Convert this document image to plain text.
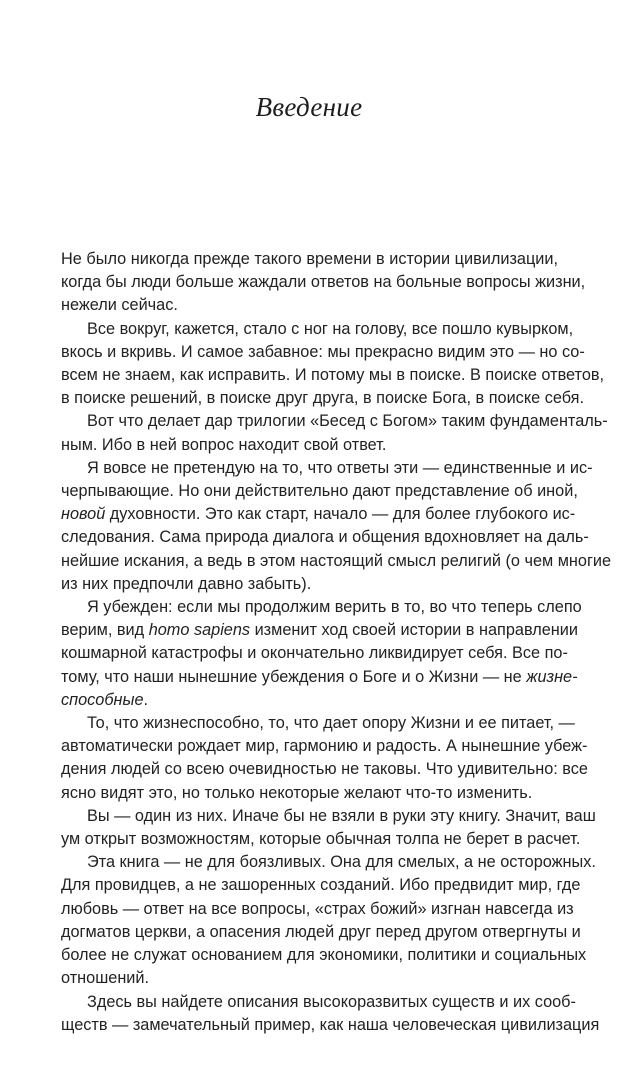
Введение

Не было никогда прежде такого времени в истории цивилизации,
когда бы люди больше жаждали ответов на больные вопросы жизни,
нежели сейчас.

Все вокруг, кажется, стало с ног на голову, все пошло кувырком,
вкось и вкривь. И самое забавное: мы прекрасно видим это — но со-
всем не знаем, как исправить. И потому мы в поиске. В поиске ответов,
в поиске решений, в поиске друг друга, в поиске Бога, в поиске себя.

Вот что делает дар трилогии «Бесед с Богом» таким фундаменталь-
ным. Ибо в ней вопрос находит свой ответ.

Я вовсе не претендую на то, что ответы эти — единственные и ис-
черпывающие. Но они действительно дают представление об иной,
новой духовности. Это как старт, начало — для более глубокого ис-
следования. Сама природа диалога и общения вдохновляет на даль-
нейшие искания, а ведь в этом настоящий смысл религий (о чем многие
из них предпочли давно забыть).

Я убежден: если мы продолжим верить в то, во что теперь слепо
верим, вид homo sapiens изменит ход своей истории в направлении
кошмарной катастрофы и окончательно ликвидирует себя. Все по-
тому, что наши нынешние убеждения о Боге и о Жизни — не жизне-
способные.

То, что жизнеспособно, то, что дает опору Жизни и ее питает, —
автоматически рождает мир, гармонию и радость. А нынешние убеж-
дения людей со всею очевидностью не таковы. Что удивительно: все
ясно видят это, но только некоторые желают что-то изменить.

Вы — один из них. Иначе бы не взяли в руки эту книгу. Значит, ваш
ум открыт возможностям, которые обычная толпа не берет в расчет.

Эта книга — не для боязливых. Она для смелых, а не осторожных.
Для провидцев, а не зашоренных созданий. Ибо предвидит мир, где
любовь — ответ на все вопросы, «страх божий» изгнан навсегда из
догматов церкви, а опасения людей друг перед другом отвергнуты и
более не служат основанием для экономики, политики и социальных
отношений.

Здесь вы найдете описания высокоразвитых существ и их сооб-
ществ — замечательный пример, как наша человеческая цивилизация
